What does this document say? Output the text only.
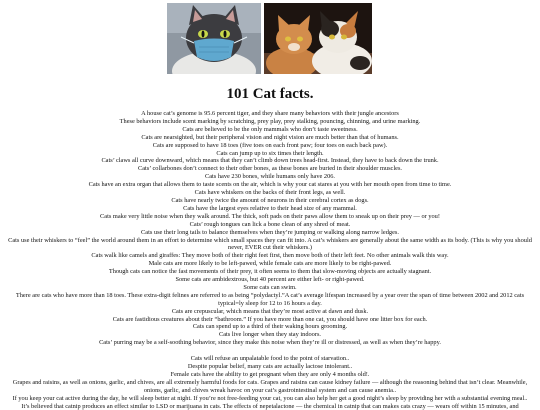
101 Cat facts.

A house cat’s genome is 95.6 percent tiger, and they share many behaviors with their jungle ancestors

These behaviors include scent marking by scratching, prey play, prey stalking, pouncing, chinning, and urine marking.

Cats are believed to be the only mammals who don’t taste sweetness.

Cats are nearsighted, but their peripheral vision and night vision are much better than that of humans.

Cats are supposed to have 18 toes (five toes on each front paw; four toes on each back paw).

Cats can jump up to six times their length.

Cats’ claws all curve downward, which means that they can’t climb down trees head-first. Instead, they have to back down the trunk.

Cats’ collarbones don’t connect to their other bones, as these bones are buried in their shoulder muscles.

Cats have 230 bones, while humans only have 206.

Cats have an extra organ that allows them to taste scents on the air, which is why your cat stares at you with her mouth open from time to time.

Cats have whiskers on the backs of their front legs, as well.

Cats have nearly twice the amount of neurons in their cerebral cortex as dogs.

Cats have the largest eyes relative to their head size of any mammal.

Cats make very little noise when they walk around. The thick, soft pads on their paws allow them to sneak up on their prey — or you!

Cats’ rough tongues can lick a bone clean of any shred of meat.

Cats use their long tails to balance themselves when they’re jumping or walking along narrow ledges.

Cats use their whiskers to “feel” the world around them in an effort to determine which small spaces they can fit into. A cat’s whiskers are generally about the same width as its body. (This is why you should never, EVER cut their whiskers.)

Cats walk like camels and giraffes: They move both of their right feet first, then move both of their left feet. No other animals walk this way.

Male cats are more likely to be left-pawed, while female cats are more likely to be right-pawed.

Though cats can notice the fast movements of their prey, it often seems to them that slow-moving objects are actually stagnant.

Some cats are ambidextrous, but 40 percent are either left- or right-pawed.

Some cats can swim.

There are cats who have more than 18 toes. These extra-digit felines are referred to as being “polydactyl.”A cat’s average lifespan increased by a year over the span of time between 2002 and 2012 cats typical=ly sleep for 12 to 16 hours a day.

Cats are crepuscular, which means that they’re most active at dawn and dusk.

Cats are fastidious creatures about their “bathroom.” If you have more than one cat, you should have one litter box for each.

Cats can spend up to a third of their waking hours grooming.

Cats live longer when they stay indoors.

Cats’ purring may be a self-soothing behavior, since they make this noise when they’re ill or distressed, as well as when they’re happy.

Cats will refuse an unpalatable food to the point of starvation..

Despite popular belief, many cats are actually lactose intolerant..

Female cats have the ability to get pregnant when they are only 4 months old!.

Grapes and raisins, as well as onions, garlic, and chives, are all extremely harmful foods for cats. Grapes and raisins can cause kidney failure — although the reasoning behind that isn’t clear. Meanwhile, onions, garlic, and chives wreak havoc on your cat’s gastrointestinal system and can cause anemia..

If you keep your cat active during the day, he will sleep better at night. If you’re not free-feeding your cat, you can also help her get a good night’s sleep by providing her with a substantial evening meal..

It’s believed that catnip produces an effect similar to LSD or marijuana in cats. The effects of nepetalactone — the chemical in catnip that can makes cats crazy — wears off within 15 minutes, and
